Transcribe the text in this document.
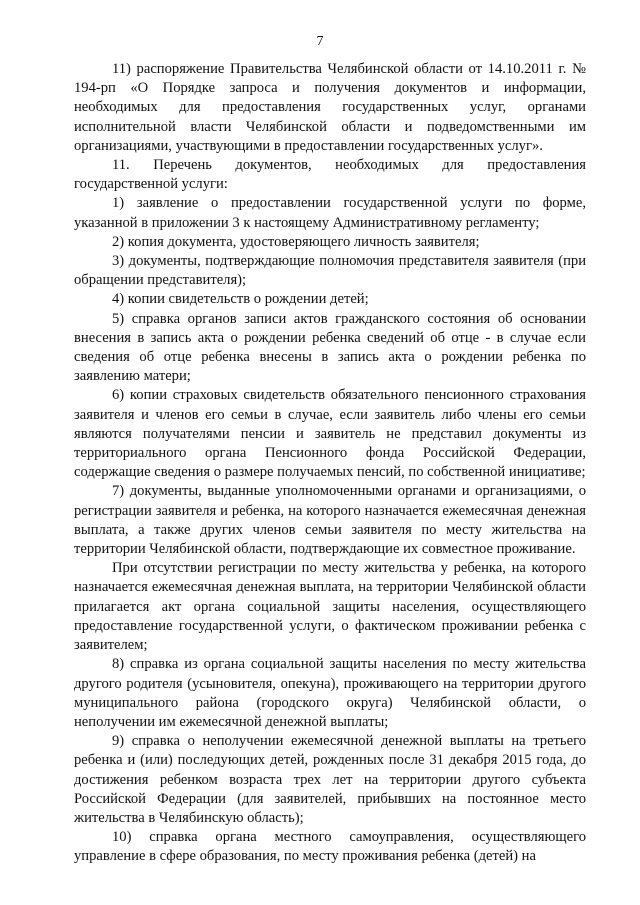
7

11) распоряжение Правительства Челябинской области от 14.10.2011 г. № 194-рп «О Порядке запроса и получения документов и информации, необходимых для предоставления государственных услуг, органами исполнительной власти Челябинской области и подведомственными им организациями, участвующими в предоставлении государственных услуг».

11. Перечень документов, необходимых для предоставления государственной услуги:

1) заявление о предоставлении государственной услуги по форме, указанной в приложении 3 к настоящему Административному регламенту;

2) копия документа, удостоверяющего личность заявителя;

3) документы, подтверждающие полномочия представителя заявителя (при обращении представителя);

4) копии свидетельств о рождении детей;

5) справка органов записи актов гражданского состояния об основании внесения в запись акта о рождении ребенка сведений об отце - в случае если сведения об отце ребенка внесены в запись акта о рождении ребенка по заявлению матери;

6) копии страховых свидетельств обязательного пенсионного страхования заявителя и членов его семьи в случае, если заявитель либо члены его семьи являются получателями пенсии и заявитель не представил документы из территориального органа Пенсионного фонда Российской Федерации, содержащие сведения о размере получаемых пенсий, по собственной инициативе;

7) документы, выданные уполномоченными органами и организациями, о регистрации заявителя и ребенка, на которого назначается ежемесячная денежная выплата, а также других членов семьи заявителя по месту жительства на территории Челябинской области, подтверждающие их совместное проживание.

При отсутствии регистрации по месту жительства у ребенка, на которого назначается ежемесячная денежная выплата, на территории Челябинской области прилагается акт органа социальной защиты населения, осуществляющего предоставление государственной услуги, о фактическом проживании ребенка с заявителем;

8) справка из органа социальной защиты населения по месту жительства другого родителя (усыновителя, опекуна), проживающего на территории другого муниципального района (городского округа) Челябинской области, о неполучении им ежемесячной денежной выплаты;

9) справка о неполучении ежемесячной денежной выплаты на третьего ребенка и (или) последующих детей, рожденных после 31 декабря 2015 года, до достижения ребенком возраста трех лет на территории другого субъекта Российской Федерации (для заявителей, прибывших на постоянное место жительства в Челябинскую область);

10) справка органа местного самоуправления, осуществляющего управление в сфере образования, по месту проживания ребенка (детей) на
